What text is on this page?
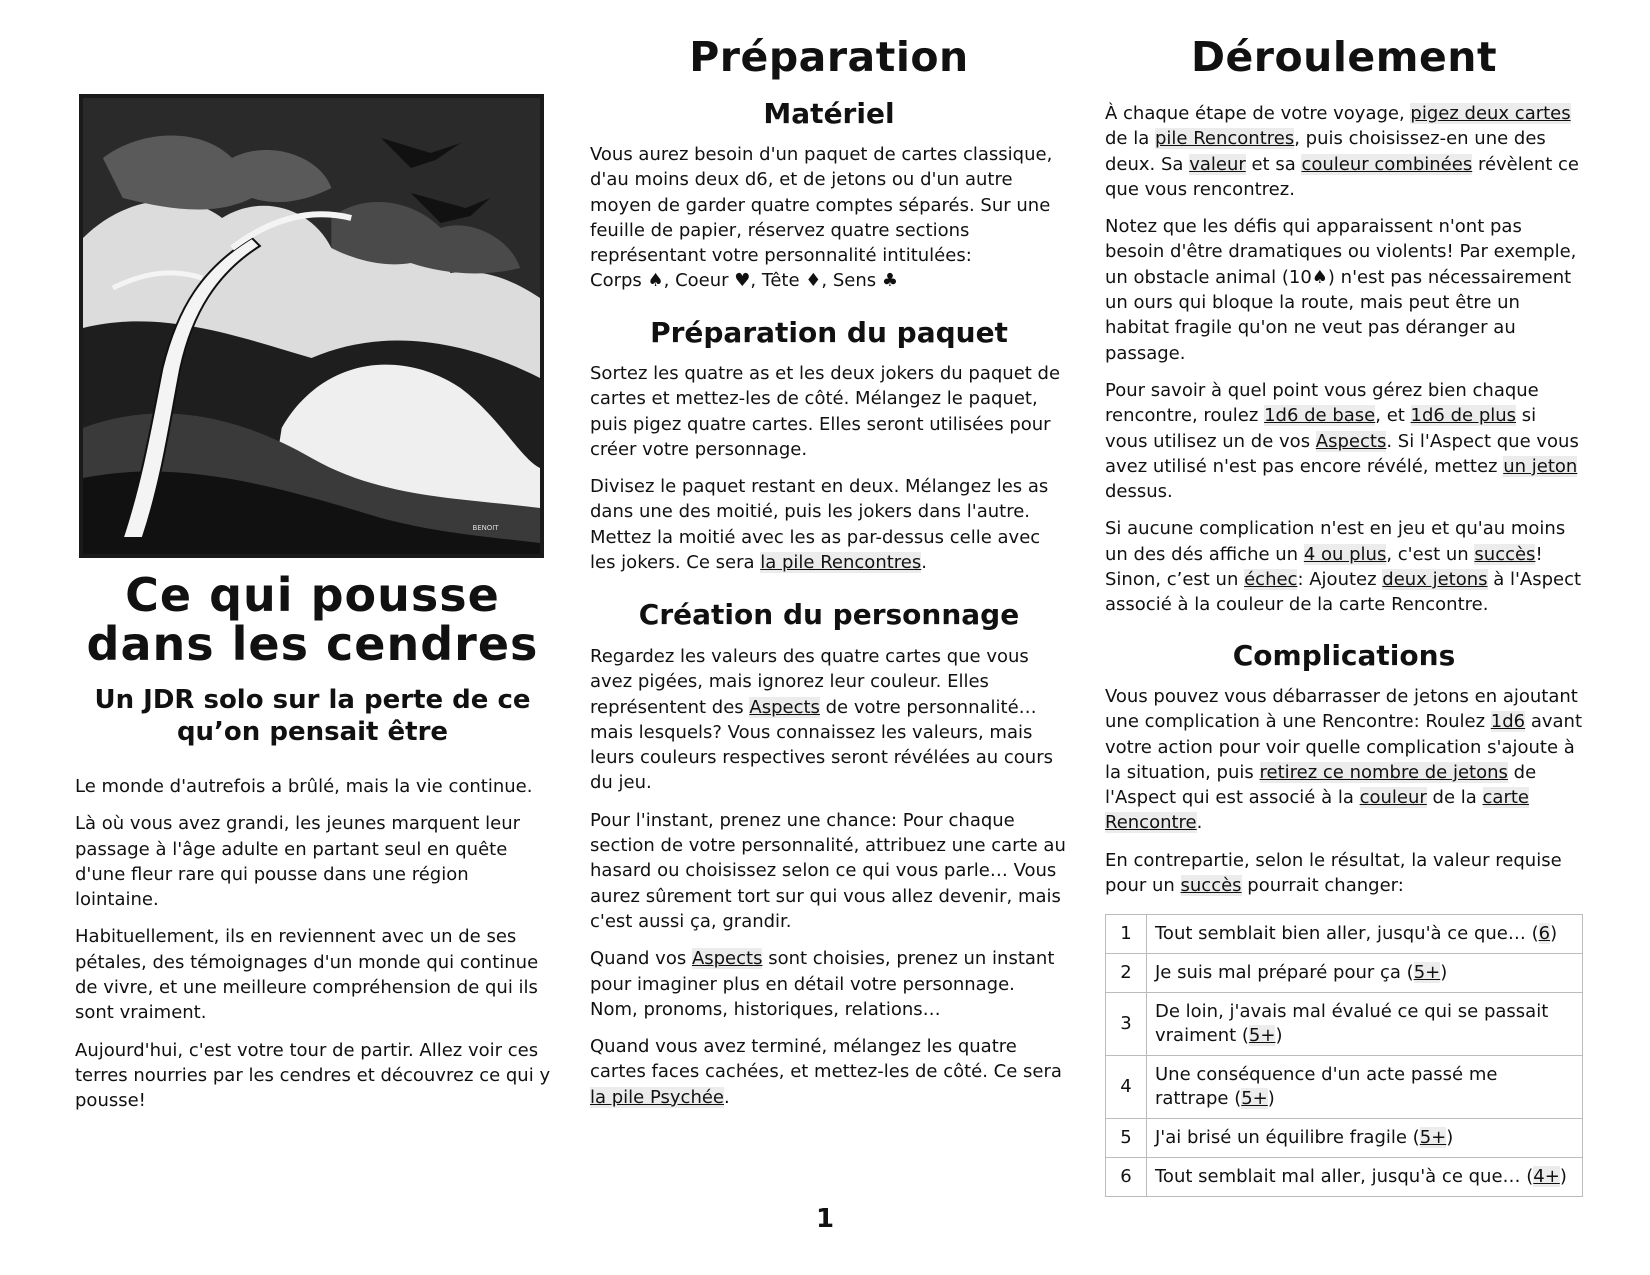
BENOIT
Ce qui pousse
dans les cendres
Un JDR solo sur la perte de ce
qu’on pensait être

Le monde d'autrefois a brûlé, mais la vie continue.

Là où vous avez grandi, les jeunes marquent leur passage à l'âge adulte en partant seul en quête d'une fleur rare qui pousse dans une région lointaine.

Habituellement, ils en reviennent avec un de ses pétales, des témoignages d'un monde qui continue de vivre, et une meilleure compréhension de qui ils sont vraiment.

Aujourd'hui, c'est votre tour de partir. Allez voir ces terres nourries par les cendres et découvrez ce qui y pousse!

Préparation
Matériel

Vous aurez besoin d'un paquet de cartes classique, d'au moins deux d6, et de jetons ou d'un autre moyen de garder quatre comptes séparés. Sur une feuille de papier, réservez quatre sections représentant votre personnalité intitulées:
Corps ♠, Coeur ♥, Tête ♦, Sens ♣

Préparation du paquet

Sortez les quatre as et les deux jokers du paquet de cartes et mettez-les de côté. Mélangez le paquet, puis pigez quatre cartes. Elles seront utilisées pour créer votre personnage.

Divisez le paquet restant en deux. Mélangez les as dans une des moitié, puis les jokers dans l'autre. Mettez la moitié avec les as par-dessus celle avec les jokers. Ce sera la pile Rencontres.

Création du personnage

Regardez les valeurs des quatre cartes que vous avez pigées, mais ignorez leur couleur. Elles représentent des Aspects de votre personnalité… mais lesquels? Vous connaissez les valeurs, mais leurs couleurs respectives seront révélées au cours du jeu.

Pour l'instant, prenez une chance: Pour chaque section de votre personnalité, attribuez une carte au hasard ou choisissez selon ce qui vous parle… Vous aurez sûrement tort sur qui vous allez devenir, mais c'est aussi ça, grandir.

Quand vos Aspects sont choisies, prenez un instant pour imaginer plus en détail votre personnage. Nom, pronoms, historiques, relations…

Quand vous avez terminé, mélangez les quatre cartes faces cachées, et mettez-les de côté. Ce sera la pile Psychée.

Déroulement

À chaque étape de votre voyage, pigez deux cartes de la pile Rencontres, puis choisissez-en une des deux. Sa valeur et sa couleur combinées révèlent ce que vous rencontrez.

Notez que les défis qui apparaissent n'ont pas besoin d'être dramatiques ou violents! Par exemple, un obstacle animal (10♠) n'est pas nécessairement un ours qui bloque la route, mais peut être un habitat fragile qu'on ne veut pas déranger au passage.

Pour savoir à quel point vous gérez bien chaque rencontre, roulez 1d6 de base, et 1d6 de plus si vous utilisez un de vos Aspects. Si l'Aspect que vous avez utilisé n'est pas encore révélé, mettez un jeton dessus.

Si aucune complication n'est en jeu et qu'au moins un des dés affiche un 4 ou plus, c'est un succès! Sinon, c’est un échec: Ajoutez deux jetons à l'Aspect associé à la couleur de la carte Rencontre.

Complications

Vous pouvez vous débarrasser de jetons en ajoutant une complication à une Rencontre: Roulez 1d6 avant votre action pour voir quelle complication s'ajoute à la situation, puis retirez ce nombre de jetons de l'Aspect qui est associé à la couleur de la carte Rencontre.

En contrepartie, selon le résultat, la valeur requise pour un succès pourrait changer:

1	Tout semblait bien aller, jusqu'à ce que… (6)
2	Je suis mal préparé pour ça (5+)
3	De loin, j'avais mal évalué ce qui se passait vraiment (5+)
4	Une conséquence d'un acte passé me rattrape (5+)
5	J'ai brisé un équilibre fragile (5+)
6	Tout semblait mal aller, jusqu'à ce que… (4+)
1
